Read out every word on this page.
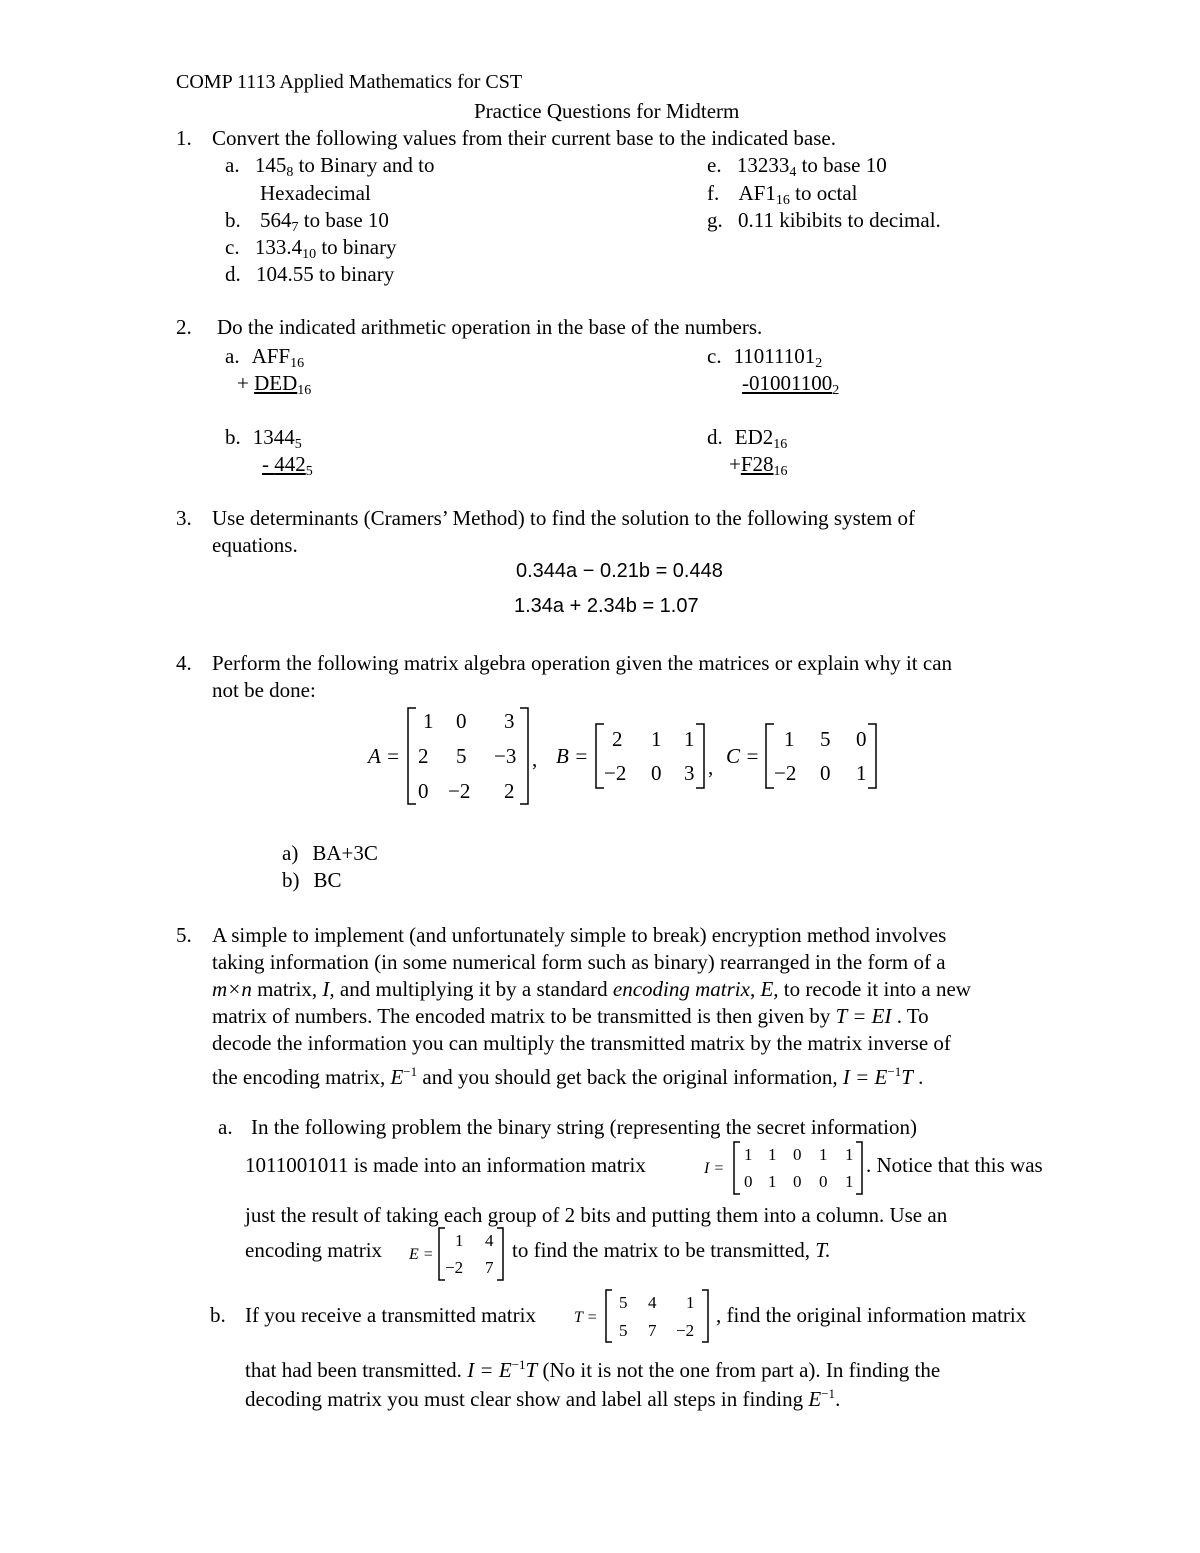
COMP 1113 Applied Mathematics for CST
Practice Questions for Midterm
1. Convert the following values from their current base to the indicated base.
a. $145_8$ to Binary and to
Hexadecimal
b. $564_7$ to base 10
c. $133.4_{10}$ to binary
d. 104.55 to binary
e. $13233_4$ to base 10
f. $AF1_{16}$ to octal
g. 0.11 kibibits to decimal.
2. Do the indicated arithmetic operation in the base of the numbers.
a. $AFF_{16}$
+ $DED_{16}$
b. $1344_5$
- $442_5$
c. $11011101_2$
$-01001100_2$
d. $ED2_{16}$
$+F28_{16}$
3. Use determinants (Cramers’ Method) to find the solution to the following system of
equations.
0.344a − 0.21b = 0.448
1.34a + 2.34b = 1.07
4. Perform the following matrix algebra operation given the matrices or explain why it can
not be done:
A =
1 0 3
2 5 −3
0 −2 2
, B =
2 1 1
−2 0 3 , C =
1 5 0
−2 0 1
a) BA+3C
b) BC
5. A simple to implement (and unfortunately simple to break) encryption method involves
taking information (in some numerical form such as binary) rearranged in the form of a
m×n matrix, I, and multiplying it by a standard encoding matrix, E, to recode it into a new
matrix of numbers. The encoded matrix to be transmitted is then given by T = EI . To
decode the information you can multiply the transmitted matrix by the matrix inverse of
the encoding matrix, $E^{-1}$ and you should get back the original information, $I = E^{-1}T$ .
a. In the following problem the binary string (representing the secret information)
1011001011 is made into an information matrix	I =
1 1 0 1 1
0 1 0 0 1
. Notice that this was
just the result of taking each group of 2 bits and putting them into a column. Use an
encoding matrix E =
1 4
−2 7
to find the matrix to be transmitted, T.
b. If you receive a transmitted matrix T =
5 4 1
5 7 −2
, find the original information matrix
that had been transmitted. $I = E^{-1}T$ (No it is not the one from part a). In finding the
decoding matrix you must clear show and label all steps in finding $E^{-1}$.
